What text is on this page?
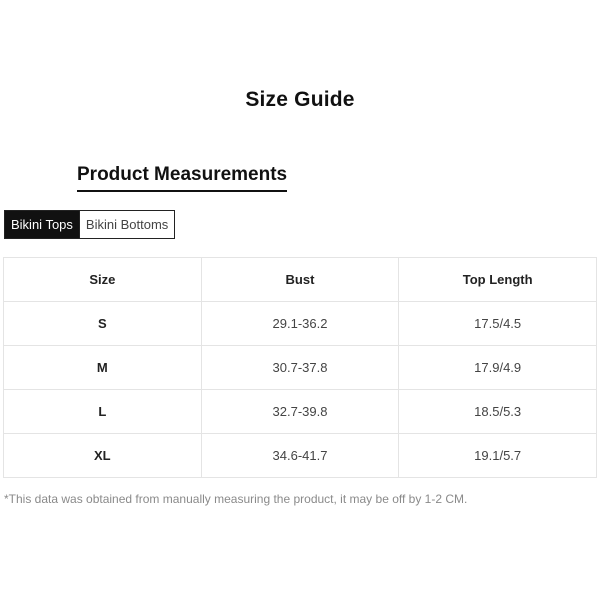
Size Guide
Product Measurements
Bikini Tops	Bikini Bottoms
Size	Bust	Top Length
S	29.1-36.2	17.5/4.5
M	30.7-37.8	17.9/4.9
L	32.7-39.8	18.5/5.3
XL	34.6-41.7	19.1/5.7
*This data was obtained from manually measuring the product, it may be off by 1-2 CM.
